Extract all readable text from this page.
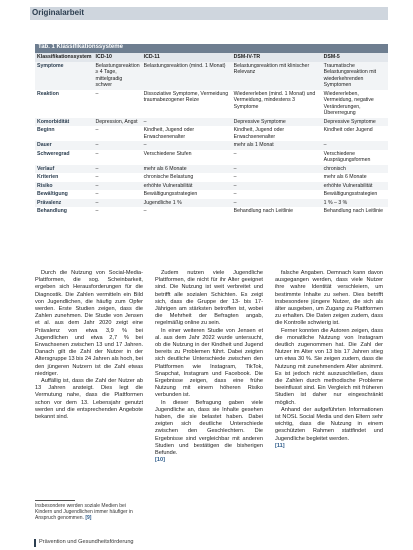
Originalarbeit
Tab. 1 Klassifikationssysteme
Klassifikationssystem	ICD-10	ICD-11	DSM-IV-TR	DSM-5
Symptome	Belastungsreaktion ≥ 4 Tage, mittelgradig schwer	Belastungsreaktion (mind. 1 Monat)	Belastungsreaktion mit klinischer Relevanz	Traumatische Belastungsreaktion mit wiederkehrenden Symptomen
Reaktion	–	Dissoziative Symptome, Vermeidung traumabezogener Reize	Wiedererleben (mind. 1 Monat) und Vermeidung, mindestens 3 Symptome	Wiedererleben, Vermeidung, negative Veränderungen, Übererregung
Komorbidität	Depression, Angst	–	Depressive Symptome	Depressive Symptome
Beginn	–	Kindheit, Jugend oder Erwachsenenalter	Kindheit, Jugend oder Erwachsenenalter	Kindheit oder Jugend
Dauer	–	–	mehr als 1 Monat	–
Schweregrad	–	Verschiedene Stufen	–	Verschiedene Ausprägungsformen
Verlauf	–	mehr als 6 Monate	–	chronisch
Kriterien	–	chronische Belastung	–	mehr als 6 Monate
Risiko	–	erhöhte Vulnerabilität	–	erhöhte Vulnerabilität
Bewältigung	–	Bewältigungsstrategien	–	Bewältigungsstrategien
Prävalenz	–	Jugendliche 1 %	–	1 % – 3 %
Behandlung	–	–	Behandlung nach Leitlinie	Behandlung nach Leitlinie

Durch die Nutzung von Social-Media-Plattformen, die sog. Scheinbarkeit, ergeben sich Herausforderungen für die Diagnostik. Die Zahlen vermitteln ein Bild von Jugendlichen, die häufig zum Opfer werden. Erste Studien zeigen, dass die Zahlen zunehmen. Die Studie von Jensen et al. aus dem Jahr 2020 zeigt eine Prävalenz von etwa 3,9 % bei Jugendlichen und etwa 2,7 % bei Erwachsenen zwischen 13 und 17 Jahren. Danach gilt die Zahl der Nutzer in der Altersgruppe 13 bis 24 Jahren als hoch, bei den jüngeren Nutzern ist die Zahl etwas niedriger.

Auffällig ist, dass die Zahl der Nutzer ab 13 Jahren ansteigt. Dies legt die Vermutung nahe, dass die Plattformen schon vor dem 13. Lebensjahr genutzt werden und die entsprechenden Angebote bekannt sind.

Zudem nutzen viele Jugendliche Plattformen, die nicht für ihr Alter geeignet sind. Die Nutzung ist weit verbreitet und betrifft alle sozialen Schichten. Es zeigt sich, dass die Gruppe der 13- bis 17-Jährigen am stärksten betroffen ist, wobei die Mehrheit der Befragten angab, regelmäßig online zu sein.

In einer weiteren Studie von Jensen et al. aus dem Jahr 2022 wurde untersucht, ob die Nutzung in der Kindheit und Jugend bereits zu Problemen führt. Dabei zeigten sich deutliche Unterschiede zwischen den Plattformen wie Instagram, TikTok, Snapchat, Instagram und Facebook. Die Ergebnisse zeigen, dass eine frühe Nutzung mit einem höheren Risiko verbunden ist.

In dieser Befragung gaben viele Jugendliche an, dass sie Inhalte gesehen haben, die sie belastet haben. Dabei zeigten sich deutliche Unterschiede zwischen den Geschlechtern. Die Ergebnisse sind vergleichbar mit anderen Studien und bestätigen die bisherigen Befunde.

[10]

falsche Angaben. Demnach kann davon ausgegangen werden, dass viele Nutzer ihre wahre Identität verschleiern, um bestimmte Inhalte zu sehen. Dies betrifft insbesondere jüngere Nutzer, die sich als älter ausgeben, um Zugang zu Plattformen zu erhalten. Die Daten zeigen zudem, dass die Kontrolle schwierig ist.

Ferner konnten die Autoren zeigen, dass die monatliche Nutzung von Instagram deutlich zugenommen hat. Die Zahl der Nutzer im Alter von 13 bis 17 Jahren stieg um etwa 30 %. Sie zeigen zudem, dass die Nutzung mit zunehmendem Alter abnimmt. Es ist jedoch nicht auszuschließen, dass die Zahlen durch methodische Probleme beeinflusst sind. Ein Vergleich mit früheren Studien ist daher nur eingeschränkt möglich.

Anhand der aufgeführten Informationen ist NOSL Social Media und den Eltern sehr wichtig, dass die Nutzung in einem geschützten Rahmen stattfindet und Jugendliche begleitet werden.

[11]
Insbesondere werden soziale Medien bei Kindern und Jugendlichen immer häufiger in Anspruch genommen. [9]
Prävention und Gesundheitsförderung
